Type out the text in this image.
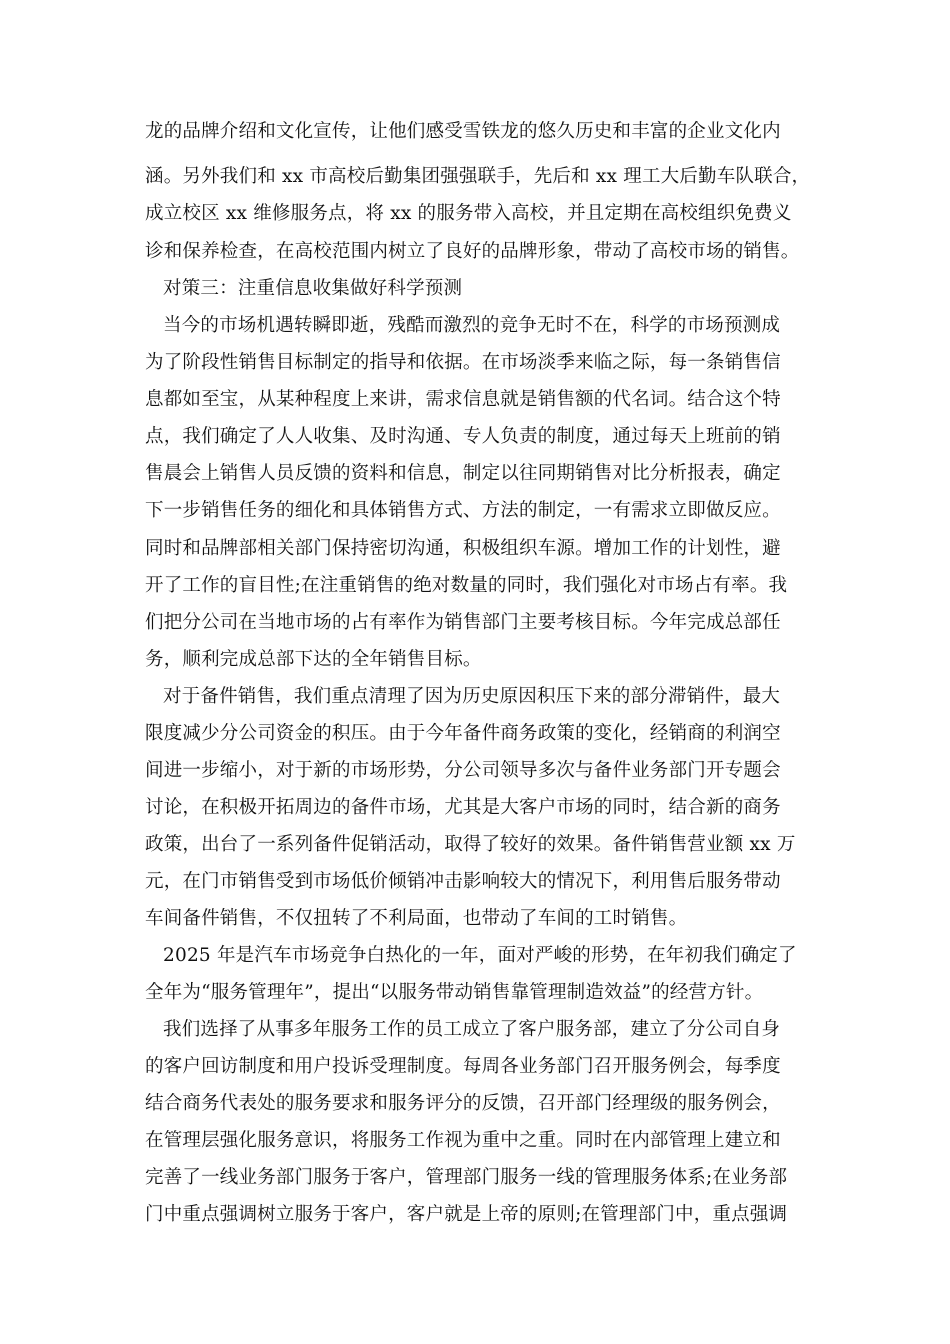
龙的品牌介绍和文化宣传，让他们感受雪铁龙的悠久历史和丰富的企业文化内
涵。另外我们和 xx 市高校后勤集团强强联手，先后和 xx 理工大后勤车队联合，
成立校区 xx 维修服务点，将 xx 的服务带入高校，并且定期在高校组织免费义
诊和保养检查，在高校范围内树立了良好的品牌形象，带动了高校市场的销售。
对策三：注重信息收集做好科学预测
当今的市场机遇转瞬即逝，残酷而激烈的竞争无时不在，科学的市场预测成
为了阶段性销售目标制定的指导和依据。在市场淡季来临之际，每一条销售信
息都如至宝，从某种程度上来讲，需求信息就是销售额的代名词。结合这个特
点，我们确定了人人收集、及时沟通、专人负责的制度，通过每天上班前的销
售晨会上销售人员反馈的资料和信息，制定以往同期销售对比分析报表，确定
下一步销售任务的细化和具体销售方式、方法的制定，一有需求立即做反应。
同时和品牌部相关部门保持密切沟通，积极组织车源。增加工作的计划性，避
开了工作的盲目性;在注重销售的绝对数量的同时，我们强化对市场占有率。我
们把分公司在当地市场的占有率作为销售部门主要考核目标。今年完成总部任
务，顺利完成总部下达的全年销售目标。
对于备件销售，我们重点清理了因为历史原因积压下来的部分滞销件，最大
限度减少分公司资金的积压。由于今年备件商务政策的变化，经销商的利润空
间进一步缩小，对于新的市场形势，分公司领导多次与备件业务部门开专题会
讨论，在积极开拓周边的备件市场，尤其是大客户市场的同时，结合新的商务
政策，出台了一系列备件促销活动，取得了较好的效果。备件销售营业额 xx 万
元，在门市销售受到市场低价倾销冲击影响较大的情况下，利用售后服务带动
车间备件销售，不仅扭转了不利局面，也带动了车间的工时销售。
2025 年是汽车市场竞争白热化的一年，面对严峻的形势，在年初我们确定了
全年为“服务管理年”，提出“以服务带动销售靠管理制造效益”的经营方针。
我们选择了从事多年服务工作的员工成立了客户服务部，建立了分公司自身
的客户回访制度和用户投诉受理制度。每周各业务部门召开服务例会，每季度
结合商务代表处的服务要求和服务评分的反馈，召开部门经理级的服务例会，
在管理层强化服务意识，将服务工作视为重中之重。同时在内部管理上建立和
完善了一线业务部门服务于客户，管理部门服务一线的管理服务体系;在业务部
门中重点强调树立服务于客户，客户就是上帝的原则;在管理部门中，重点强调
